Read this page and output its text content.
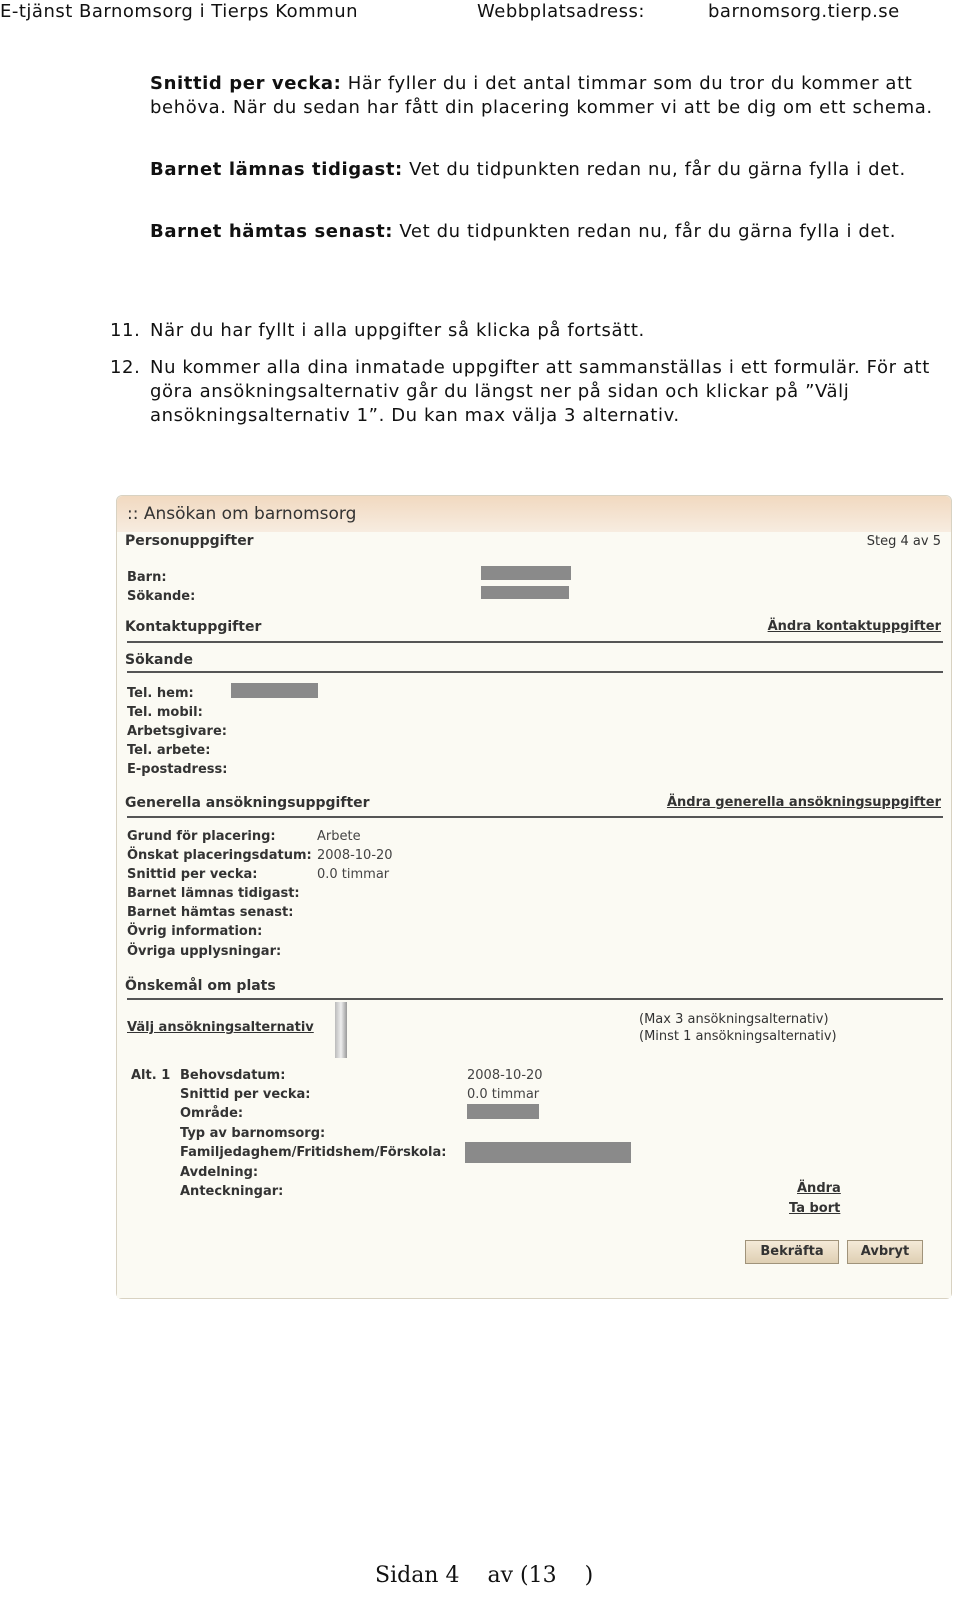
E-tjänst Barnomsorg i Tierps Kommun	Webbplatsadress:	barnomsorg.tierp.se

Snittid per vecka: Här fyller du i det antal timmar som du tror du kommer att behöva. När du sedan har fått din placering kommer vi att be dig om ett schema.

Barnet lämnas tidigast: Vet du tidpunkten redan nu, får du gärna fylla i det.

Barnet hämtas senast: Vet du tidpunkten redan nu, får du gärna fylla i det.

11. När du har fyllt i alla uppgifter så klicka på fortsätt.
12. Nu kommer alla dina inmatade uppgifter att sammanställas i ett formulär. För att göra ansökningsalternativ går du längst ner på sidan och klickar på ”Välj ansökningsalternativ 1”. Du kan max välja 3 alternativ.
:: Ansökan om barnomsorg
Personuppgifter	Steg 4 av 5
Barn:
Sökande:
Kontaktuppgifter	Ändra kontaktuppgifter
Sökande
Tel. hem:
Tel. mobil:
Arbetsgivare:
Tel. arbete:
E-postadress:
Generella ansökningsuppgifter	Ändra generella ansökningsuppgifter
Grund för placering:	Arbete
Önskat placeringsdatum: 2008-10-20
Snittid per vecka:	0.0 timmar
Barnet lämnas tidigast:
Barnet hämtas senast:
Övrig information:
Övriga upplysningar:
Önskemål om plats
Välj ansökningsalternativ
(Max 3 ansökningsalternativ)
(Minst 1 ansökningsalternativ)
Alt. 1 Behovsdatum:	2008-10-20
Snittid per vecka:	0.0 timmar
Område:
Typ av barnomsorg:
Familjedaghem/Fritidshem/Förskola:
Avdelning:
Anteckningar:	Ändra
Ta bort
Bekräfta	Avbryt
Sidan 4 av (13 )
